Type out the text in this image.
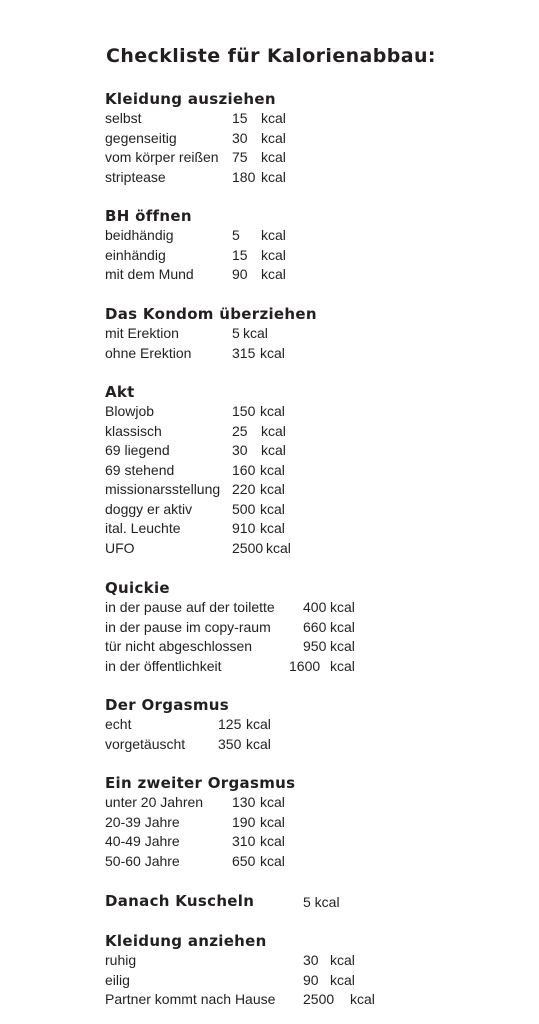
Checkliste für Kalorienabbau:
Kleidung ausziehen
selbst	15 kcal
gegenseitig	30 kcal
vom körper reißen 75 kcal
striptease	180 kcal
BH öffnen
beidhändig	5 kcal
einhändig	15 kcal
mit dem Mund	90 kcal
Das Kondom überziehen
mit Erektion	5 kcal
ohne Erektion	315 kcal
Akt
Blowjob	150 kcal
klassisch	25 kcal
69 liegend	30 kcal
69 stehend	160 kcal
missionarsstellung 220 kcal
doggy er aktiv	500 kcal
ital. Leuchte	910 kcal
UFO	2500 kcal
Quickie
in der pause auf der toilette 400 kcal
in der pause im copy-raum 660 kcal
tür nicht abgeschlossen	950 kcal
in der öffentlichkeit	1600 kcal
Der Orgasmus
echt	125 kcal
vorgetäuscht 350 kcal
Ein zweiter Orgasmus
unter 20 Jahren 130 kcal
20-39 Jahre	190 kcal
40-49 Jahre	310 kcal
50-60 Jahre	650 kcal
Danach Kuscheln	5 kcal
Kleidung anziehen
ruhig	30 kcal
eilig	90 kcal
Partner kommt nach Hause 2500 kcal
